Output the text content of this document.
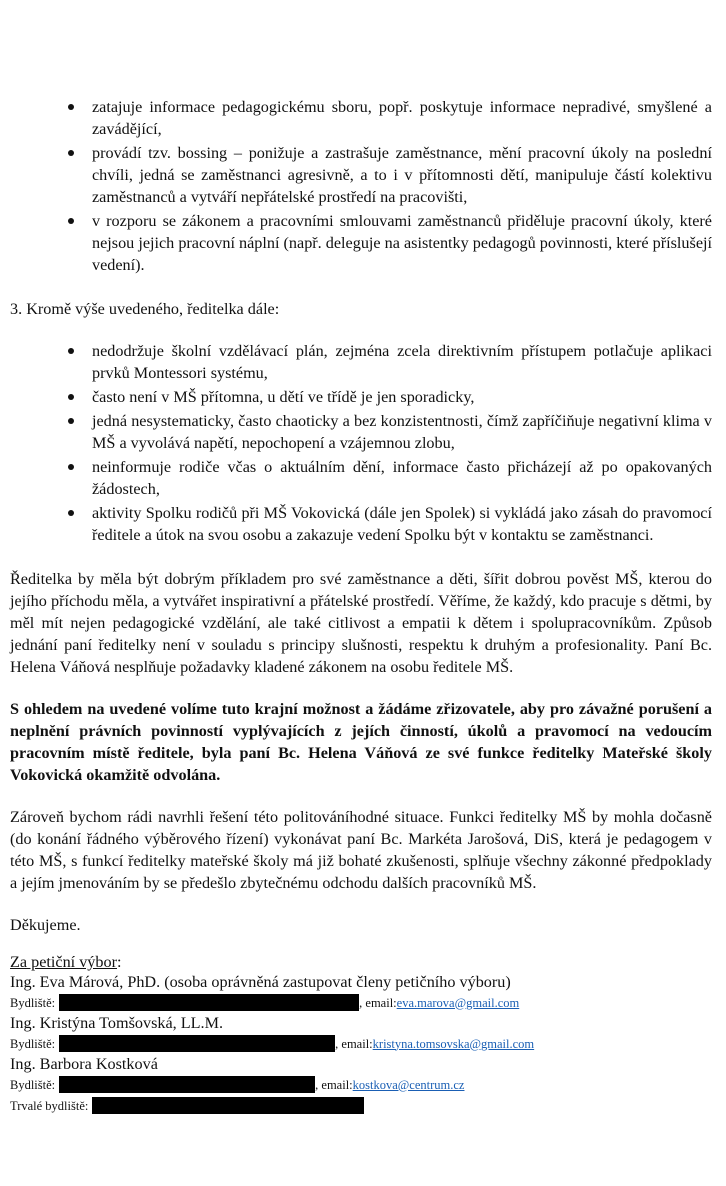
zatajuje informace pedagogickému sboru, popř. poskytuje informace nepradivé, smyšlené a zavádějící,
provádí tzv. bossing – ponižuje a zastrašuje zaměstnance, mění pracovní úkoly na poslední chvíli, jedná se zaměstnanci agresivně, a to i v přítomnosti dětí, manipuluje částí kolektivu zaměstnanců a vytváří nepřátelské prostředí na pracovišti,
v rozporu se zákonem a pracovními smlouvami zaměstnanců přiděluje pracovní úkoly, které nejsou jejich pracovní náplní (např. deleguje na asistentky pedagogů povinnosti, které příslušejí vedení).

3. Kromě výše uvedeného, ředitelka dále:

nedodržuje školní vzdělávací plán, zejména zcela direktivním přístupem potlačuje aplikaci prvků Montessori systému,
často není v MŠ přítomna, u dětí ve třídě je jen sporadicky,
jedná nesystematicky, často chaoticky a bez konzistentnosti, čímž zapříčiňuje negativní klima v MŠ a vyvolává napětí, nepochopení a vzájemnou zlobu,
neinformuje rodiče včas o aktuálním dění, informace často přicházejí až po opakovaných žádostech,
aktivity Spolku rodičů při MŠ Vokovická (dále jen Spolek) si vykládá jako zásah do pravomocí ředitele a útok na svou osobu a zakazuje vedení Spolku být v kontaktu se zaměstnanci.

Ředitelka by měla být dobrým příkladem pro své zaměstnance a děti, šířit dobrou pověst MŠ, kterou do jejího příchodu měla, a vytvářet inspirativní a přátelské prostředí. Věříme, že každý, kdo pracuje s dětmi, by měl mít nejen pedagogické vzdělání, ale také citlivost a empatii k dětem i spolupracovníkům. Způsob jednání paní ředitelky není v souladu s principy slušnosti, respektu k druhým a profesionality. Paní Bc. Helena Váňová nesplňuje požadavky kladené zákonem na osobu ředitele MŠ.

S ohledem na uvedené volíme tuto krajní možnost a žádáme zřizovatele, aby pro závažné porušení a neplnění právních povinností vyplývajících z jejích činností, úkolů a pravomocí na vedoucím pracovním místě ředitele, byla paní Bc. Helena Váňová ze své funkce ředitelky Mateřské školy Vokovická okamžitě odvolána.

Zároveň bychom rádi navrhli řešení této politováníhodné situace. Funkci ředitelky MŠ by mohla dočasně (do konání řádného výběrového řízení) vykonávat paní Bc. Markéta Jarošová, DiS, která je pedagogem v této MŠ, s funkcí ředitelky mateřské školy má již bohaté zkušenosti, splňuje všechny zákonné předpoklady a jejím jmenováním by se předešlo zbytečnému odchodu dalších pracovníků MŠ.

Děkujeme.

Za petiční výbor:
Ing. Eva Márová, PhD. (osoba oprávněná zastupovat členy petičního výboru)
Bydliště:	, email: eva.marova@gmail.com
Ing. Kristýna Tomšovská, LL.M.
Bydliště:	, email: kristyna.tomsovska@gmail.com
Ing. Barbora Kostková
Bydliště:	, email: kostkova@centrum.cz
Trvalé bydliště:
